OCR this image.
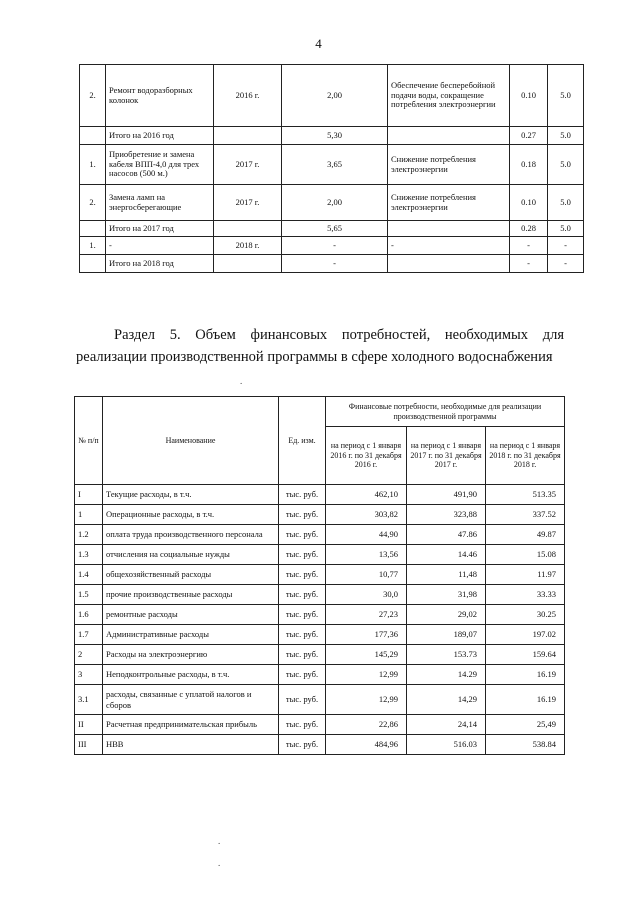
4
2.	Ремонт водоразборных колонок	2016 г.	2,00	Обеспечение бесперебойной подачи воды, сокращение потребления электроэнергии	0.10	5.0
	Итого на 2016 год		5,30		0.27	5.0
1.	Приобретение и замена кабеля ВПП-4,0 для трех насосов (500 м.)	2017 г.	3,65	Снижение потребления электроэнергии	0.18	5.0
2.	Замена ламп на энергосберегающие	2017 г.	2,00	Снижение потребления электроэнергии	0.10	5.0
	Итого на 2017 год		5,65		0.28	5.0
1.	-	2018 г.	-	-	-	-
	Итого на 2018 год		-		-	-
Раздел 5. Объем финансовых потребностей, необходимых для реализации производственной программы в сфере холодного водоснабжения
№ п/п	Наименование	Ед. изм.	Финансовые потребности, необходимые для реализации производственной программы		
			на период с 1 января 2016 г. по 31 декабря 2016 г.	на период с 1 января 2017 г. по 31 декабря 2017 г.	на период с 1 января 2018 г. по 31 декабря 2018 г.
I	Текущие расходы, в т.ч.	тыс. руб.	462,10	491,90	513.35
1	Операционные расходы, в т.ч.	тыс. руб.	303,82	323,88	337.52
1.2	оплата труда производственного персонала	тыс. руб.	44,90	47.86	49.87
1.3	отчисления на социальные нужды	тыс. руб.	13,56	14.46	15.08
1.4	общехозяйственный расходы	тыс. руб.	10,77	11,48	11.97
1.5	прочие производственные расходы	тыс. руб.	30,0	31,98	33.33
1.6	ремонтные расходы	тыс. руб.	27,23	29,02	30.25
1.7	Административные расходы	тыс. руб.	177,36	189,07	197.02
2	Расходы на электроэнергию	тыс. руб.	145,29	153.73	159.64
3	Неподконтрольные расходы, в т.ч.	тыс. руб.	12,99	14.29	16.19
3.1	расходы, связанные с уплатой налогов и сборов	тыс. руб.	12,99	14,29	16.19
II	Расчетная предпринимательская прибыль	тыс. руб.	22,86	24,14	25,49
III	НВВ	тыс. руб.	484,96	516.03	538.84
.
.
.
